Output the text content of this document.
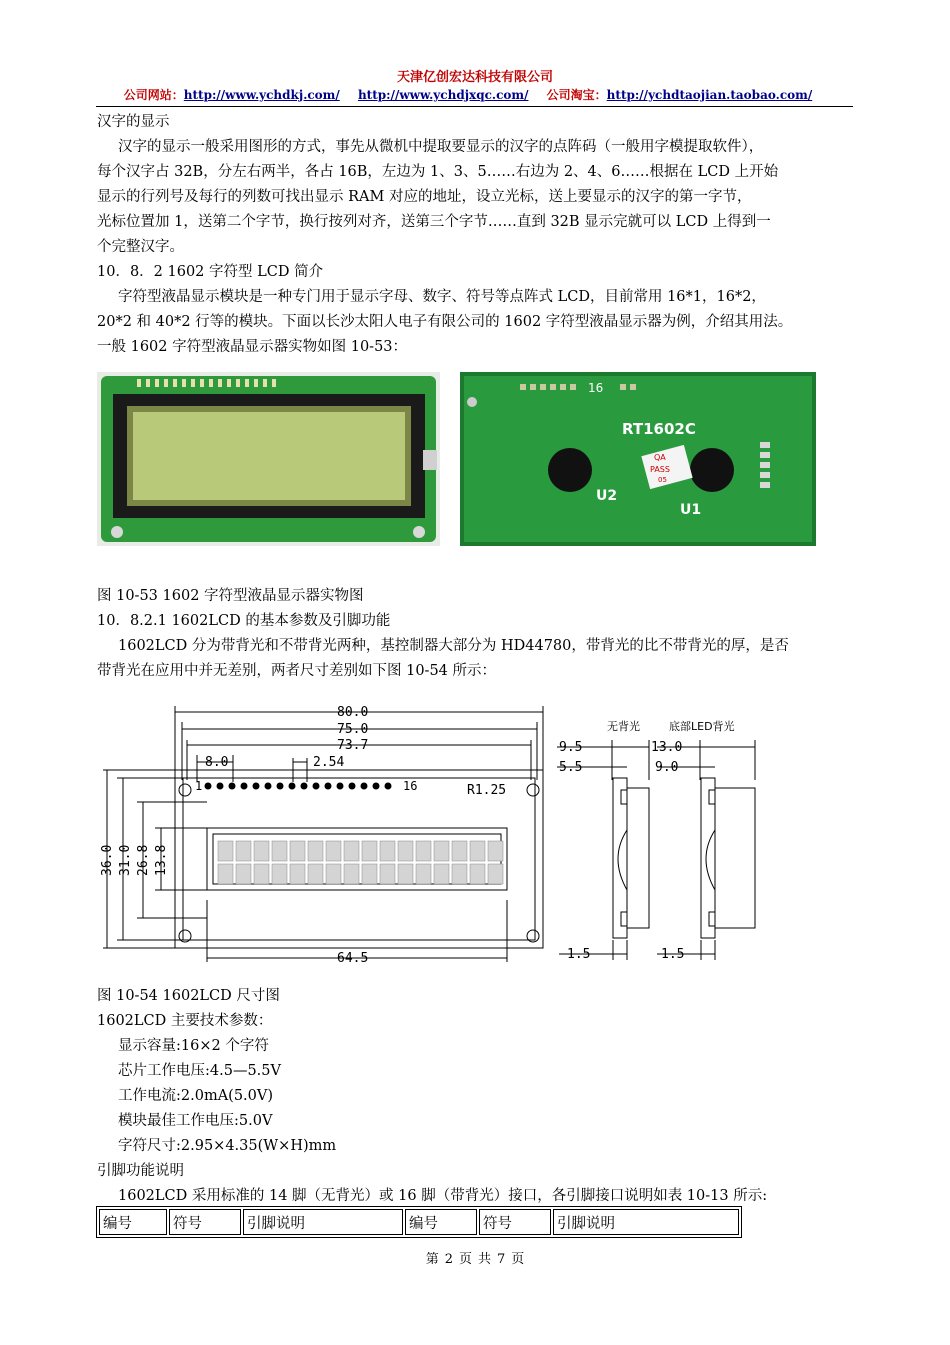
天津亿创宏达科技有限公司
公司网站：http://www.ychdkj.com/ http://www.ychdjxqc.com/ 公司淘宝：http://ychdtaojian.taobao.com/
汉字的显示
汉字的显示一般采用图形的方式，事先从微机中提取要显示的汉字的点阵码（一般用字模提取软件），
每个汉字占 32B，分左右两半，各占 16B，左边为 1、3、5……右边为 2、4、6……根据在 LCD 上开始
显示的行列号及每行的列数可找出显示 RAM 对应的地址，设立光标，送上要显示的汉字的第一字节，
光标位置加 1，送第二个字节，换行按列对齐，送第三个字节……直到 32B 显示完就可以 LCD 上得到一
个完整汉字。
10．8．2 1602 字符型 LCD 简介
字符型液晶显示模块是一种专门用于显示字母、数字、符号等点阵式 LCD，目前常用 16*1，16*2，
20*2 和 40*2 行等的模块。下面以长沙太阳人电子有限公司的 1602 字符型液晶显示器为例，介绍其用法。
一般 1602 字符型液晶显示器实物如图 10-53：
16
RT1602C
QA
PASS
05
U2
U1
图 10-53 1602 字符型液晶显示器实物图
10．8.2.1 1602LCD 的基本参数及引脚功能
1602LCD 分为带背光和不带背光两种，基控制器大部分为 HD44780，带背光的比不带背光的厚，是否
带背光在应用中并无差别，两者尺寸差别如下图 10-54 所示：
80.0
75.0
73.7
8.0	2.54
1	16	R1.25
64.5
36.0 31.0 26.8 13.8
无背光	底部LED背光
9.5
5.5
13.0
9.0
1.5	1.5
图 10-54 1602LCD 尺寸图
1602LCD 主要技术参数：
显示容量:16×2 个字符
芯片工作电压:4.5—5.5V
工作电流:2.0mA(5.0V)
模块最佳工作电压:5.0V
字符尺寸:2.95×4.35(W×H)mm
引脚功能说明
1602LCD 采用标准的 14 脚（无背光）或 16 脚（带背光）接口，各引脚接口说明如表 10-13 所示:
编号	符号	引脚说明	编号	符号	引脚说明
第 2 页 共 7 页
